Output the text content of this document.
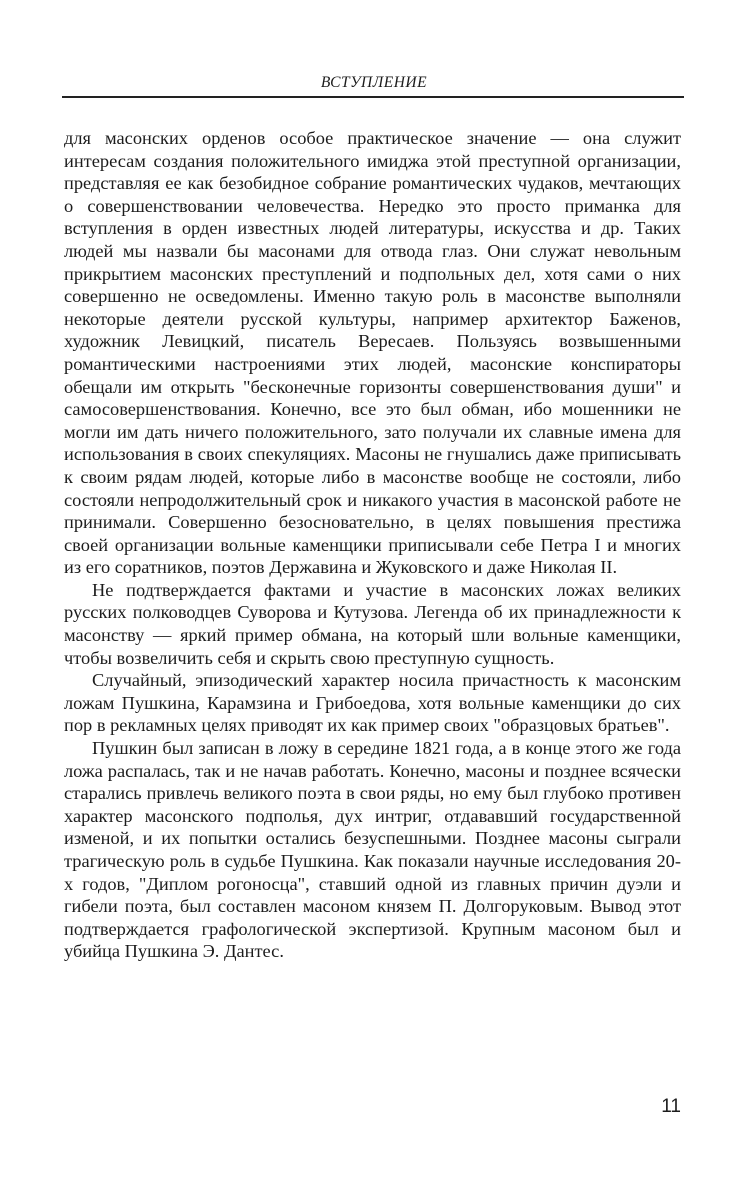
ВСТУПЛЕНИЕ

для масонских орденов особое практическое значение — она служит интересам создания положительного имиджа этой преступной организации, представляя ее как безобидное собрание романтических чудаков, мечтающих о совершенствовании человечества. Нередко это просто приманка для вступления в орден известных людей литературы, искусства и др. Таких людей мы назвали бы масонами для отвода глаз. Они служат невольным прикрытием масонских преступлений и подпольных дел, хотя сами о них совершенно не осведомлены. Именно такую роль в масонстве выполняли некоторые деятели русской культуры, например архитектор Баженов, художник Левицкий, писатель Вересаев. Пользуясь возвышенными романтическими настроениями этих людей, масонские конспираторы обещали им открыть "бесконечные горизонты совершенствования души" и самосовершенствования. Конечно, все это был обман, ибо мошенники не могли им дать ничего положительного, зато получали их славные имена для использования в своих спекуляциях. Масоны не гнушались даже приписывать к своим рядам людей, которые либо в масонстве вообще не состояли, либо состояли непродолжительный срок и никакого участия в масонской работе не принимали. Совершенно безосновательно, в целях повышения престижа своей организации вольные каменщики приписывали себе Петра I и многих из его соратников, поэтов Державина и Жуковского и даже Николая II.

Не подтверждается фактами и участие в масонских ложах великих русских полководцев Суворова и Кутузова. Легенда об их принадлежности к масонству — яркий пример обмана, на который шли вольные каменщики, чтобы возвеличить себя и скрыть свою преступную сущность.

Случайный, эпизодический характер носила причастность к масонским ложам Пушкина, Карамзина и Грибоедова, хотя вольные каменщики до сих пор в рекламных целях приводят их как пример своих "образцовых братьев".

Пушкин был записан в ложу в середине 1821 года, а в конце этого же года ложа распалась, так и не начав работать. Конечно, масоны и позднее всячески старались привлечь великого поэта в свои ряды, но ему был глубоко противен характер масонского подполья, дух интриг, отдававший государственной изменой, и их попытки остались безуспешными. Позднее масоны сыграли трагическую роль в судьбе Пушкина. Как показали научные исследования 20-х годов, "Диплом рогоносца", ставший одной из главных причин дуэли и гибели поэта, был составлен масоном князем П. Долгоруковым. Вывод этот подтверждается графологической экспертизой. Крупным масоном был и убийца Пушкина Э. Дантес.

11
